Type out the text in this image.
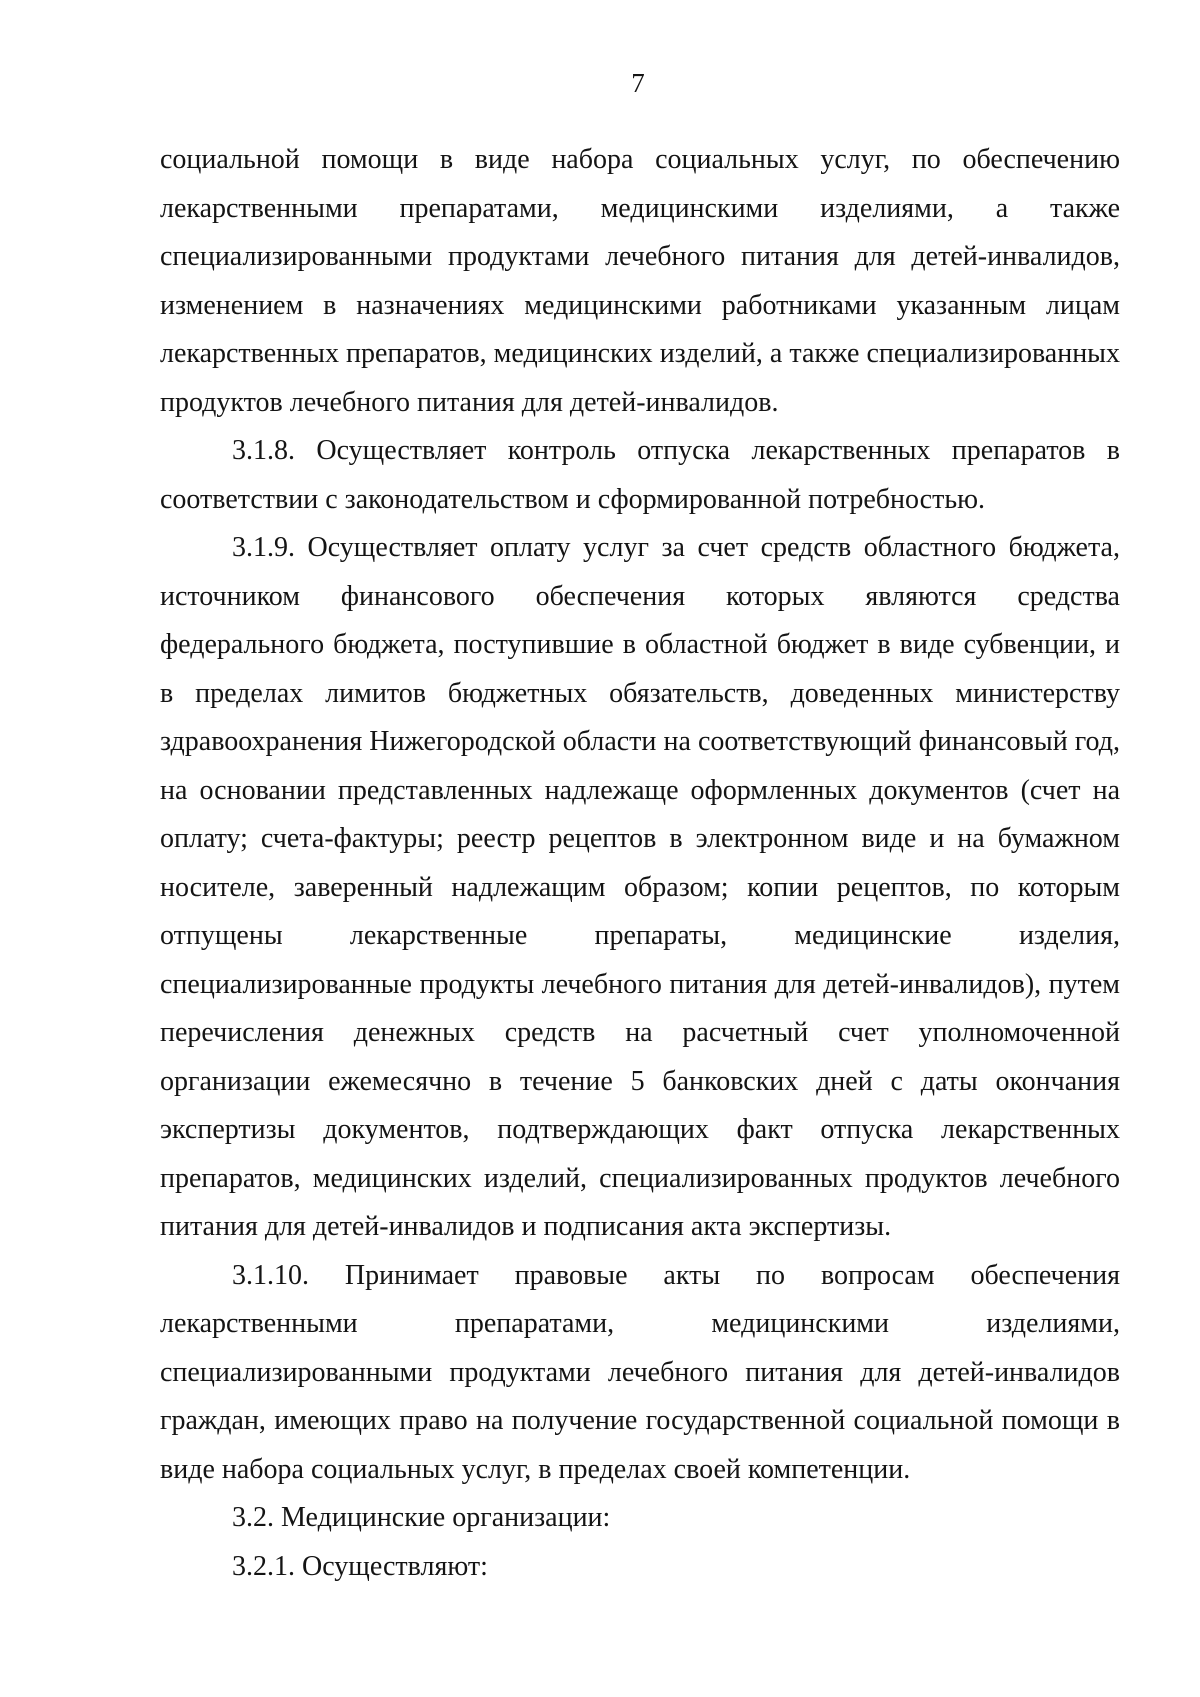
7

социальной помощи в виде набора социальных услуг, по обеспечению лекарственными препаратами, медицинскими изделиями, а также специализированными продуктами лечебного питания для детей-инвалидов, изменением в назначениях медицинскими работниками указанным лицам лекарственных препаратов, медицинских изделий, а также специализированных продуктов лечебного питания для детей-инвалидов.

3.1.8. Осуществляет контроль отпуска лекарственных препаратов в соответствии с законодательством и сформированной потребностью.

3.1.9. Осуществляет оплату услуг за счет средств областного бюджета, источником финансового обеспечения которых являются средства федерального бюджета, поступившие в областной бюджет в виде субвенции, и в пределах лимитов бюджетных обязательств, доведенных министерству здравоохранения Нижегородской области на соответствующий финансовый год, на основании представленных надлежаще оформленных документов (счет на оплату; счета-фактуры; реестр рецептов в электронном виде и на бумажном носителе, заверенный надлежащим образом; копии рецептов, по которым отпущены лекарственные препараты, медицинские изделия, специализированные продукты лечебного питания для детей-инвалидов), путем перечисления денежных средств на расчетный счет уполномоченной организации ежемесячно в течение 5 банковских дней с даты окончания экспертизы документов, подтверждающих факт отпуска лекарственных препаратов, медицинских изделий, специализированных продуктов лечебного питания для детей-инвалидов и подписания акта экспертизы.

3.1.10. Принимает правовые акты по вопросам обеспечения лекарственными препаратами, медицинскими изделиями, специализированными продуктами лечебного питания для детей-инвалидов граждан, имеющих право на получение государственной социальной помощи в виде набора социальных услуг, в пределах своей компетенции.

3.2. Медицинские организации:

3.2.1. Осуществляют:
